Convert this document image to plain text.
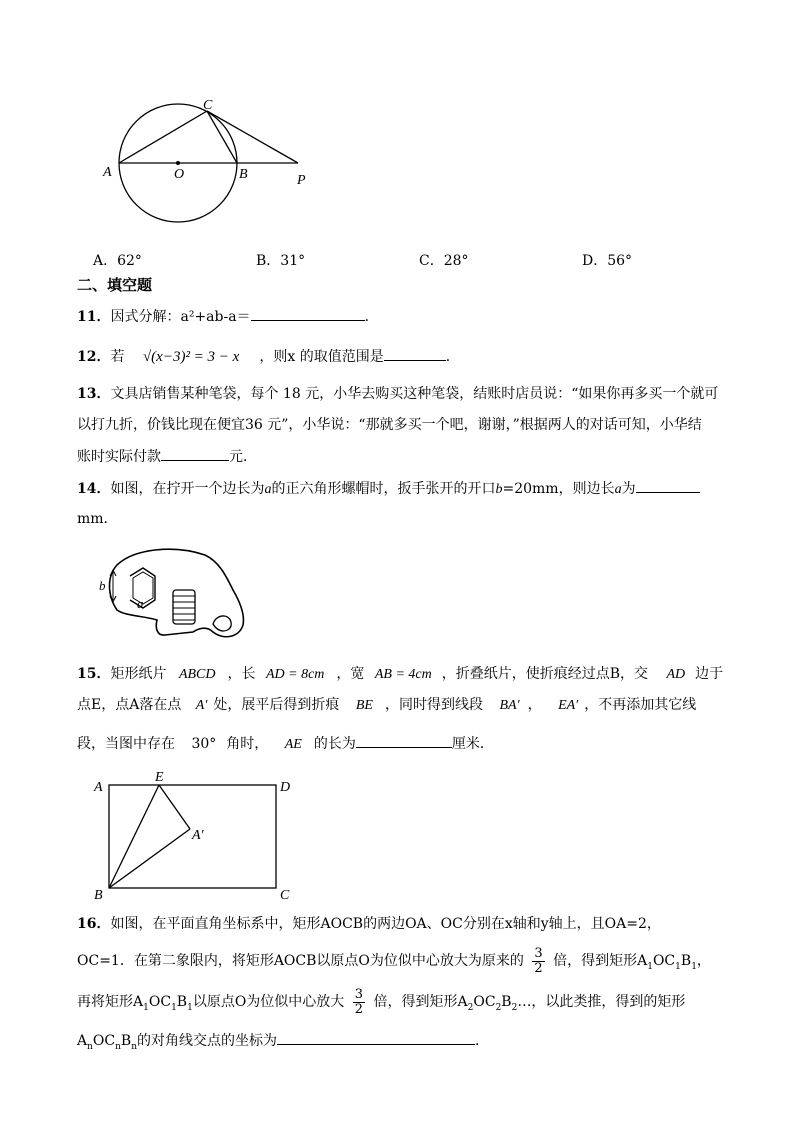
A	O	B
C
P
A．62°	B．31°	C．28°	D．56°
二、填空题
11．因式分解：a²+ab-a＝	．
12．若 √(x−3)² = 3 − x ，则x 的取值范围是	．
13．文具店销售某种笔袋，每个 18 元，小华去购买这种笔袋，结账时店员说：“如果你再多买一个就可
以打九折，价钱比现在便宜36 元”，小华说：“那就多买一个吧，谢谢，”根据两人的对话可知，小华结
账时实际付款	元．
14．如图，在拧开一个边长为a的正六角形螺帽时，扳手张开的开口b=20mm，则边长a为
mm．
b
a
15．矩形纸片 ABCD ，长 AD = 8cm ，宽 AB = 4cm ，折叠纸片，使折痕经过点B，交 AD 边于
点E，点A落在点 A′ 处，展平后得到折痕 BE ，同时得到线段 BA′ ， EA′ ，不再添加其它线
段，当图中存在 30° 角时， AE 的长为	厘米．
A
E
D
A′
B	C
16．如图，在平面直角坐标系中，矩形AOCB的两边OA、OC分别在x轴和y轴上，且OA=2，
OC=1．在第二象限内，将矩形AOCB以原点O为位似中心放大为原来的 $\frac{3}{2}$ 倍，得到矩形$A_1OC_1B_1$，
再将矩形$A_1OC_1B_1$以原点O为位似中心放大 $\frac{3}{2}$ 倍，得到矩形$A_2OC_2B_2\dots$，以此类推，得到的矩形
$A_nOC_nB_n$的对角线交点的坐标为	．
